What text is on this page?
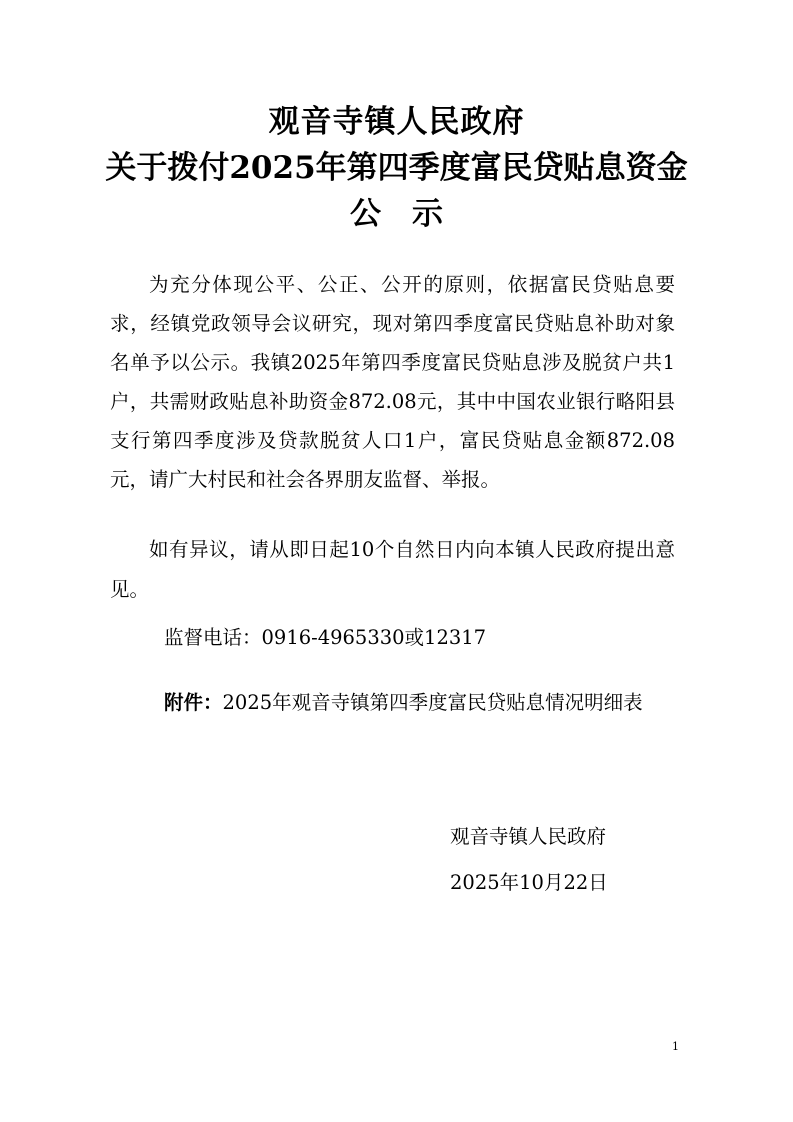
观音寺镇人民政府
关于拨付2025年第四季度富民贷贴息资金
公　示
为充分体现公平、公正、公开的原则，依据富民贷贴息要求，经镇党政领导会议研究，现对第四季度富民贷贴息补助对象名单予以公示。我镇2025年第四季度富民贷贴息涉及脱贫户共1户，共需财政贴息补助资金872.08元，其中中国农业银行略阳县支行第四季度涉及贷款脱贫人口1户，富民贷贴息金额872.08元，请广大村民和社会各界朋友监督、举报。
如有异议，请从即日起10个自然日内向本镇人民政府提出意见。
监督电话：0916-4965330或12317
附件：2025年观音寺镇第四季度富民贷贴息情况明细表
观音寺镇人民政府
2025年10月22日
1
